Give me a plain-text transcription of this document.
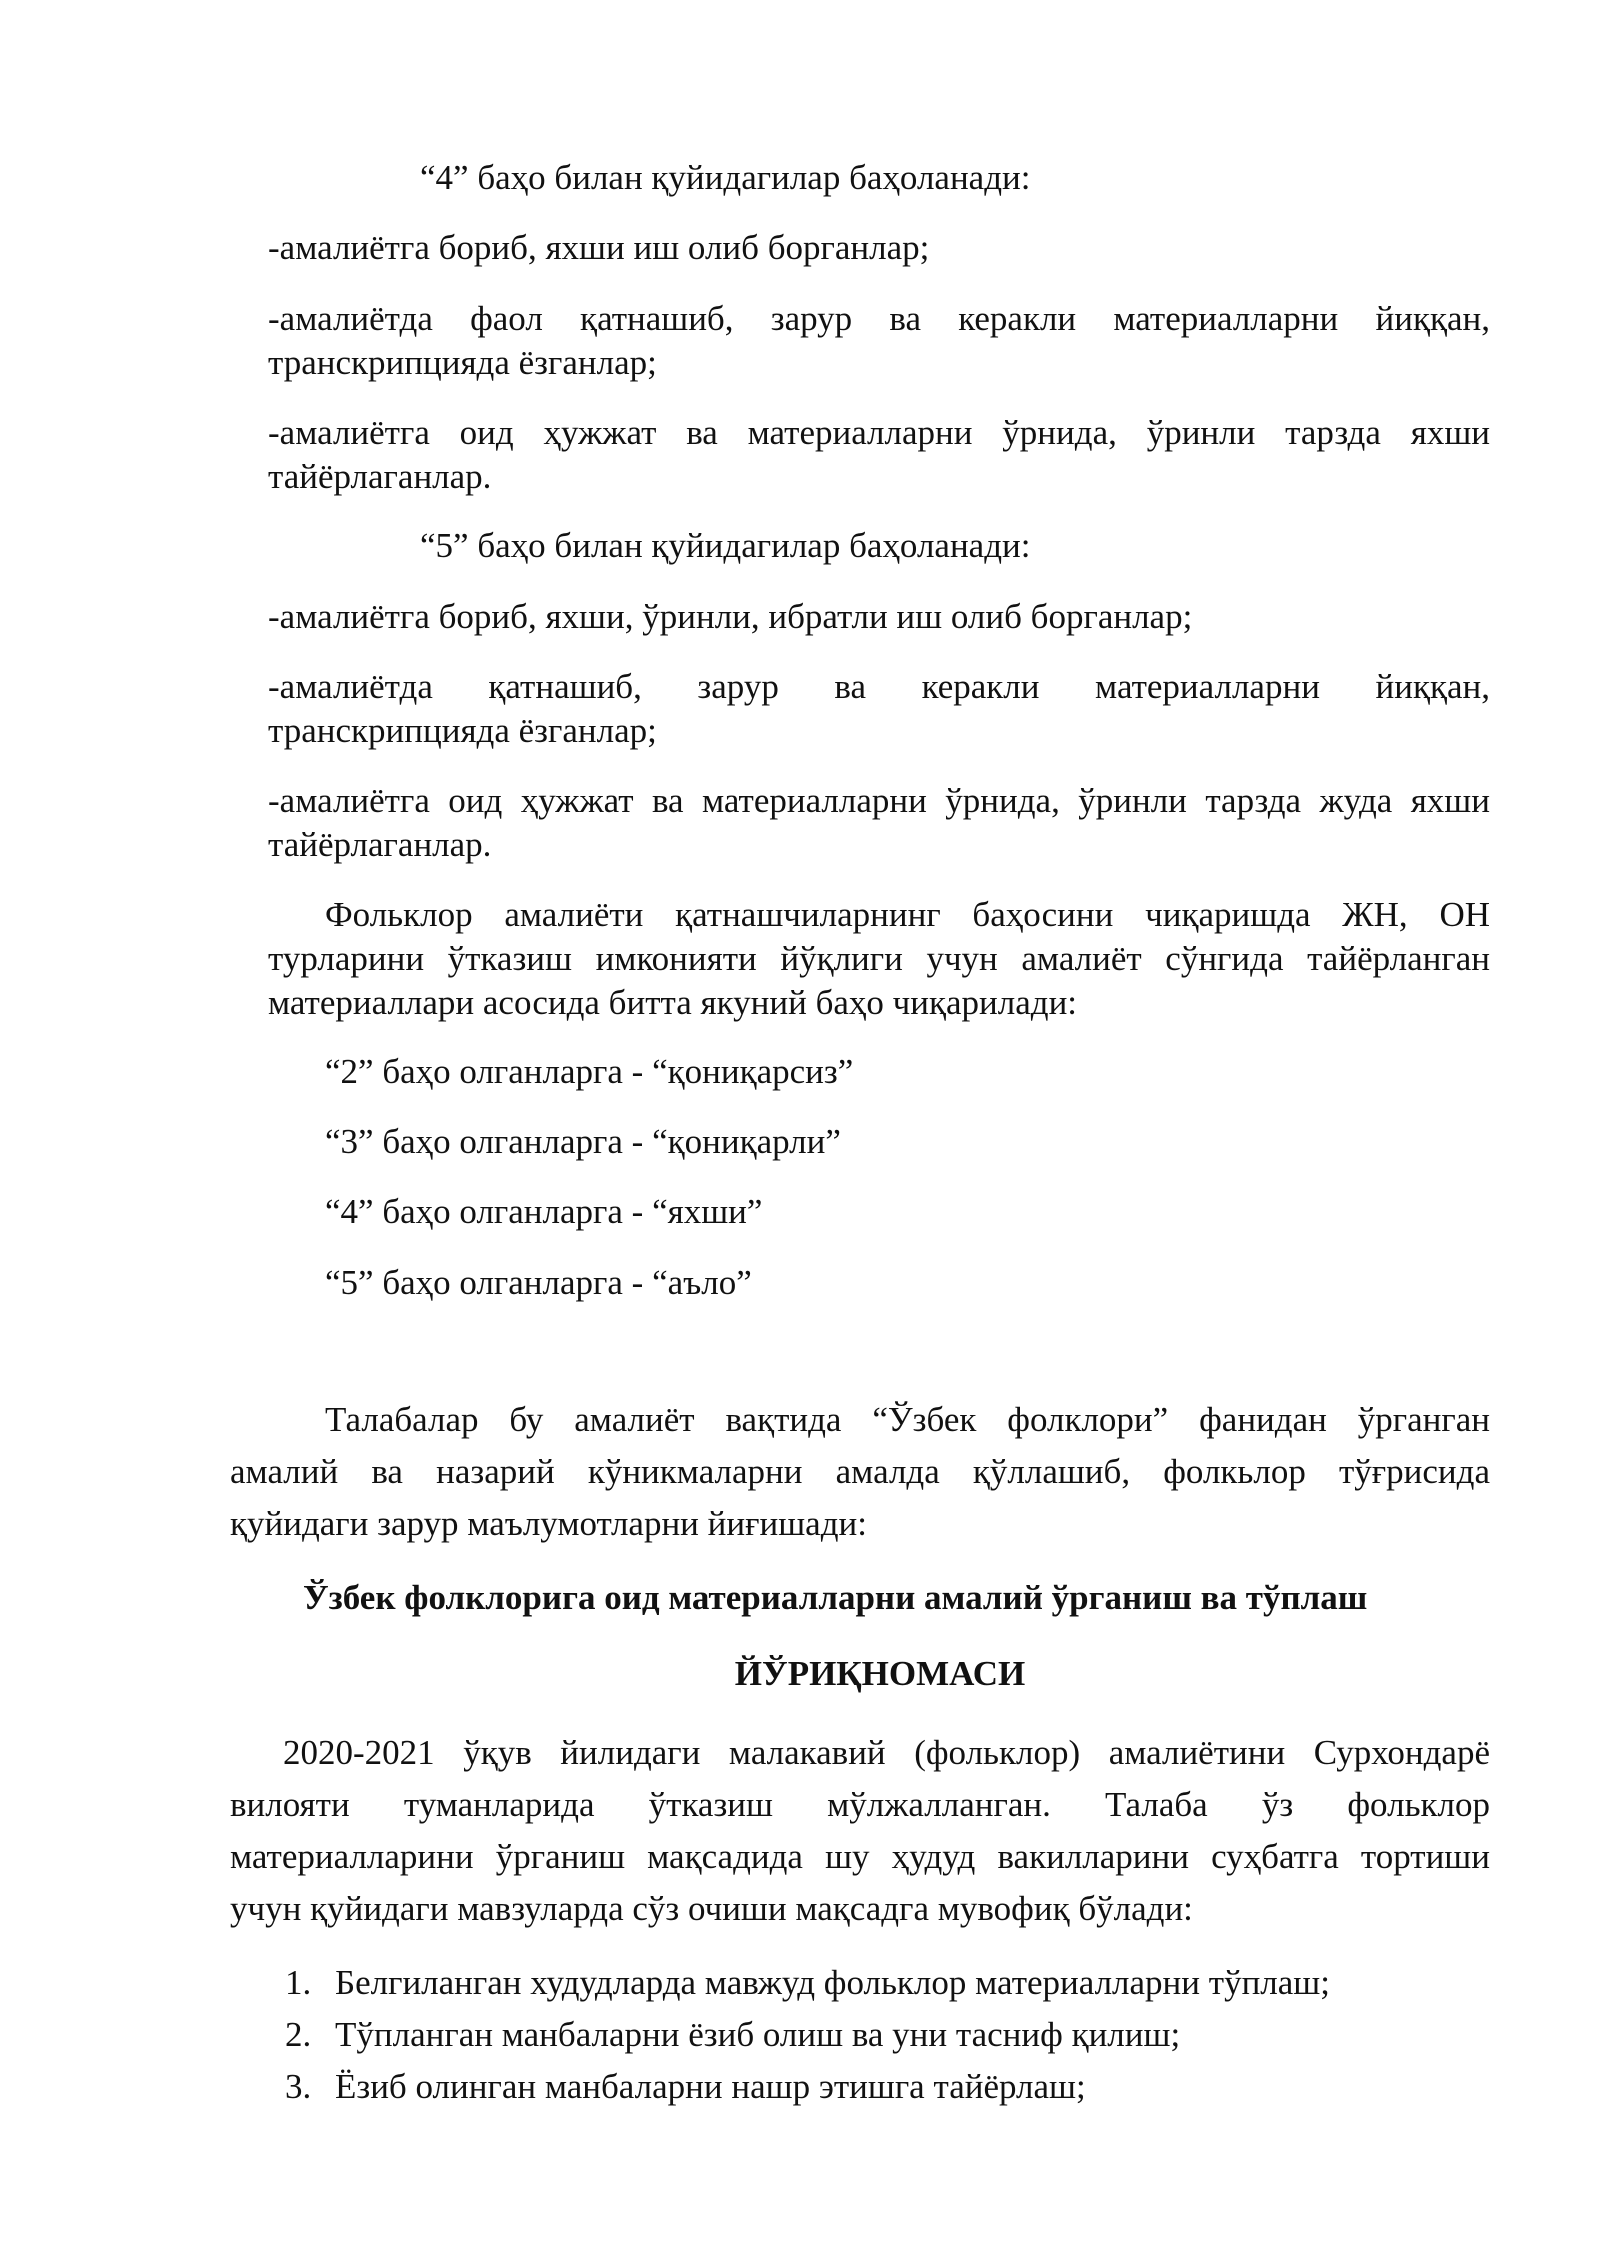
“4” баҳо билан қуйидагилар баҳоланади:
-амалиётга бориб, яхши иш олиб борганлар;
-амалиётда фаол қатнашиб, зарур ва керакли материалларни йиққан,
транскрипцияда ёзганлар;
-амалиётга оид ҳужжат ва материалларни ўрнида, ўринли тарзда яхши
тайёрлаганлар.
“5” баҳо билан қуйидагилар баҳоланади:
-амалиётга бориб, яхши, ўринли, ибратли иш олиб борганлар;
-амалиётда қатнашиб, зарур ва керакли материалларни йиққан,
транскрипцияда ёзганлар;
-амалиётга оид ҳужжат ва материалларни ўрнида, ўринли тарзда жуда яхши
тайёрлаганлар.
Фольклор амалиёти қатнашчиларнинг баҳосини чиқаришда ЖН, ОН
турларини ўтказиш имконияти йўқлиги учун амалиёт сўнгида тайёрланган
материаллари асосида битта якуний баҳо чиқарилади:
“2” баҳо олганларга - “қониқарсиз”
“3” баҳо олганларга - “қониқарли”
“4” баҳо олганларга - “яхши”
“5” баҳо олганларга - “аъло”
Талабалар бу амалиёт вақтида “Ўзбек фолклори” фанидан ўрганган
амалий ва назарий кўникмаларни амалда қўллашиб, фолкьлор тўғрисида
қуйидаги зарур маълумотларни йиғишади:
Ўзбек фолклорига оид материалларни амалий ўрганиш ва тўплаш
ЙЎРИҚНОМАСИ
2020-2021 ўқув йилидаги малакавий (фольклор) амалиётини Сурхондарё
вилояти туманларида ўтказиш мўлжалланган. Талаба ўз фольклор
материалларини ўрганиш мақсадида шу ҳудуд вакилларини суҳбатга тортиши
учун қуйидаги мавзуларда сўз очиши мақсадга мувофиқ бўлади:
1. Белгиланган худудларда мавжуд фольклор материалларни тўплаш;
2. Тўпланган манбаларни ёзиб олиш ва уни тасниф қилиш;
3. Ёзиб олинган манбаларни нашр этишга тайёрлаш;
